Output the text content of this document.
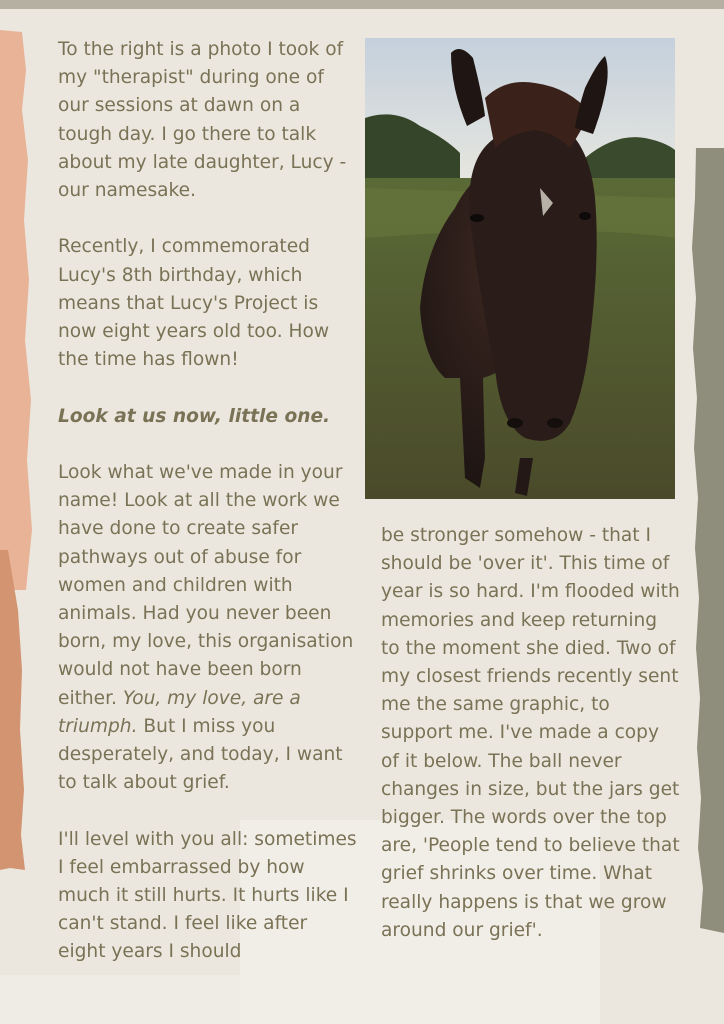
To the right is a photo I took of my "therapist" during one of our sessions at dawn on a tough day. I go there to talk about my late daughter, Lucy - our namesake.

Recently, I commemorated Lucy's 8th birthday, which means that Lucy's Project is now eight years old too. How the time has flown!

Look at us now, little one.

Look what we've made in your name! Look at all the work we have done to create safer pathways out of abuse for women and children with animals. Had you never been born, my love, this organisation would not have been born either. You, my love, are a triumph. But I miss you desperately, and today, I want to talk about grief.

I'll level with you all: sometimes I feel embarrassed by how much it still hurts. It hurts like I can't stand. I feel like after eight years I should

be stronger somehow - that I should be 'over it'. This time of year is so hard. I'm flooded with memories and keep returning to the moment she died. Two of my closest friends recently sent me the same graphic, to support me. I've made a copy of it below. The ball never changes in size, but the jars get bigger. The words over the top are, 'People tend to believe that grief shrinks over time. What really happens is that we grow around our grief'.
